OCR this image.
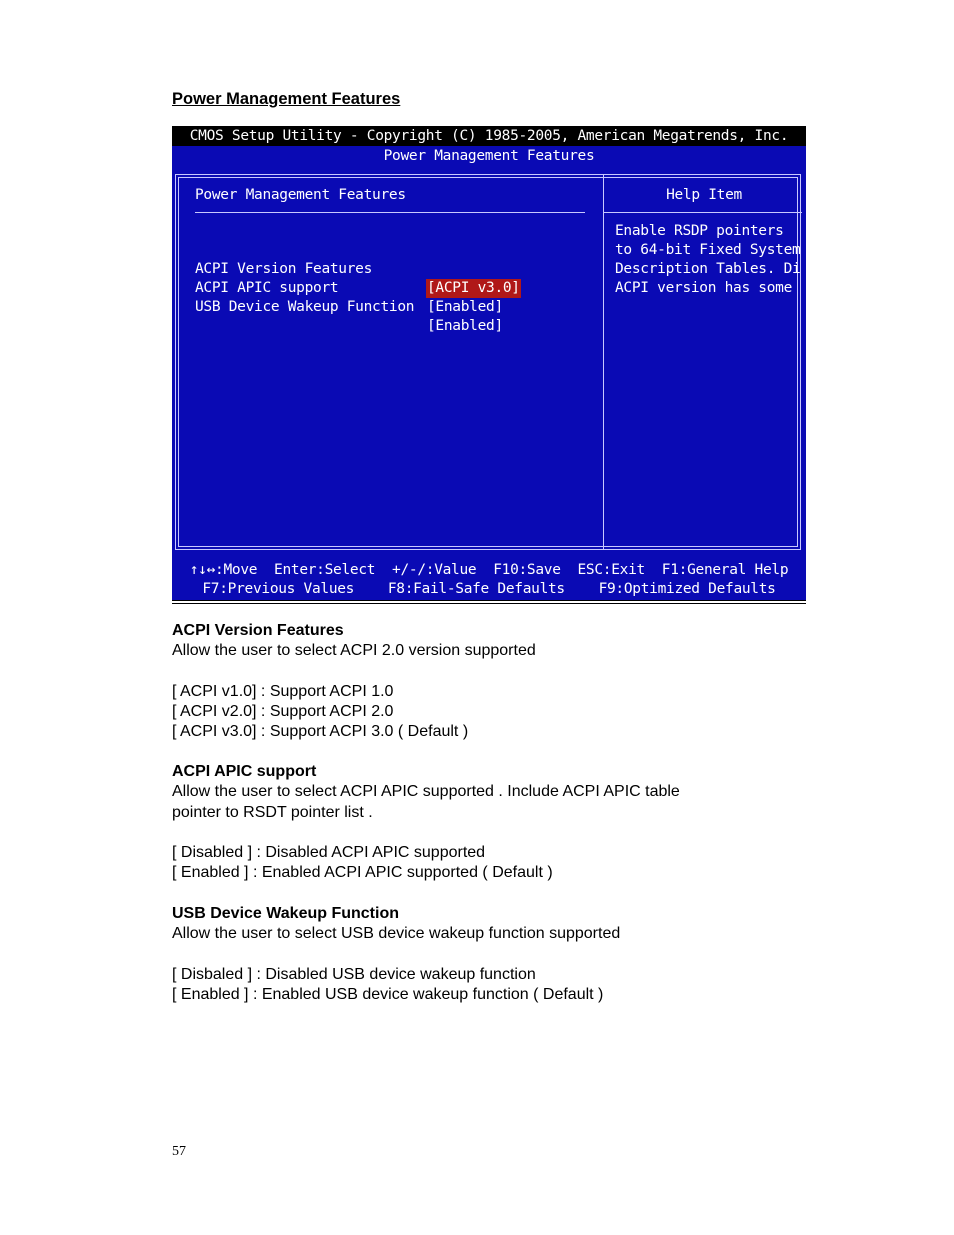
Power Management Features
CMOS Setup Utility - Copyright (C) 1985-2005, American Megatrends, Inc.
Power Management Features
Power Management Features	Help Item

ACPI Version Features

[ACPI v3.0]

ACPI APIC support

[Enabled]

USB Device Wakeup Function

[Enabled]

Enable RSDP pointers
to 64-bit Fixed System
Description Tables. Di
ACPI version has some
↑↓↔:Move  Enter:Select  +/-/:Value  F10:Save  ESC:Exit  F1:General Help
F7:Previous Values    F8:Fail-Safe Defaults    F9:Optimized Defaults

ACPI Version Features

Allow the user to select ACPI 2.0 version supported

[ ACPI v1.0] : Support ACPI 1.0

[ ACPI v2.0] : Support ACPI 2.0

[ ACPI v3.0] : Support ACPI 3.0 ( Default )

ACPI APIC support

Allow the user to select ACPI APIC supported . Include ACPI APIC table

pointer to RSDT pointer list .

[ Disabled ] : Disabled ACPI APIC supported

[ Enabled ] : Enabled ACPI APIC supported ( Default )

USB Device Wakeup Function

Allow the user to select USB device wakeup function supported

[ Disbaled ] : Disabled USB device wakeup function

[ Enabled ] : Enabled USB device wakeup function ( Default )

57
